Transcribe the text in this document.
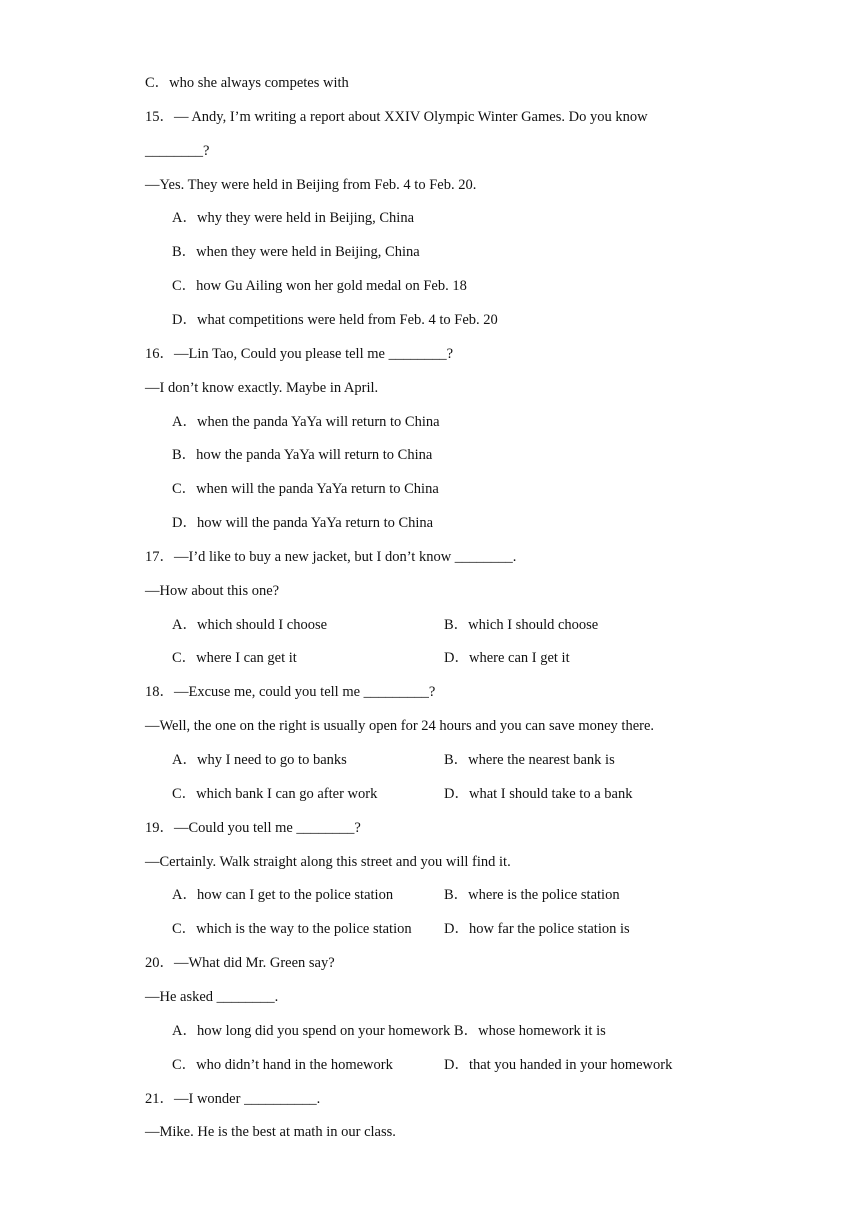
C．who she always competes with
15．— Andy, I’m writing a report about XXIV Olympic Winter Games. Do you know
________?
—Yes. They were held in Beijing from Feb. 4 to Feb. 20.
A．why they were held in Beijing, China
B．when they were held in Beijing, China
C．how Gu Ailing won her gold medal on Feb. 18
D．what competitions were held from Feb. 4 to Feb. 20
16．—Lin Tao, Could you please tell me ________?
—I don’t know exactly. Maybe in April.
A．when the panda YaYa will return to China
B．how the panda YaYa will return to China
C．when will the panda YaYa return to China
D．how will the panda YaYa return to China
17．—I’d like to buy a new jacket, but I don’t know ________.
—How about this one?
A．which should I choose	B．which I should choose
C．where I can get it	D．where can I get it
18．—Excuse me, could you tell me _________?
—Well, the one on the right is usually open for 24 hours and you can save money there.
A．why I need to go to banks	B．where the nearest bank is
C．which bank I can go after work	D．what I should take to a bank
19．—Could you tell me ________?
—Certainly. Walk straight along this street and you will find it.
A．how can I get to the police station	B．where is the police station
C．which is the way to the police station D．how far the police station is
20．—What did Mr. Green say?
—He asked ________.
A．how long did you spend on your homework B．whose homework it is
C．who didn’t hand in the homework	D．that you handed in your homework
21．—I wonder __________.
—Mike. He is the best at math in our class.
